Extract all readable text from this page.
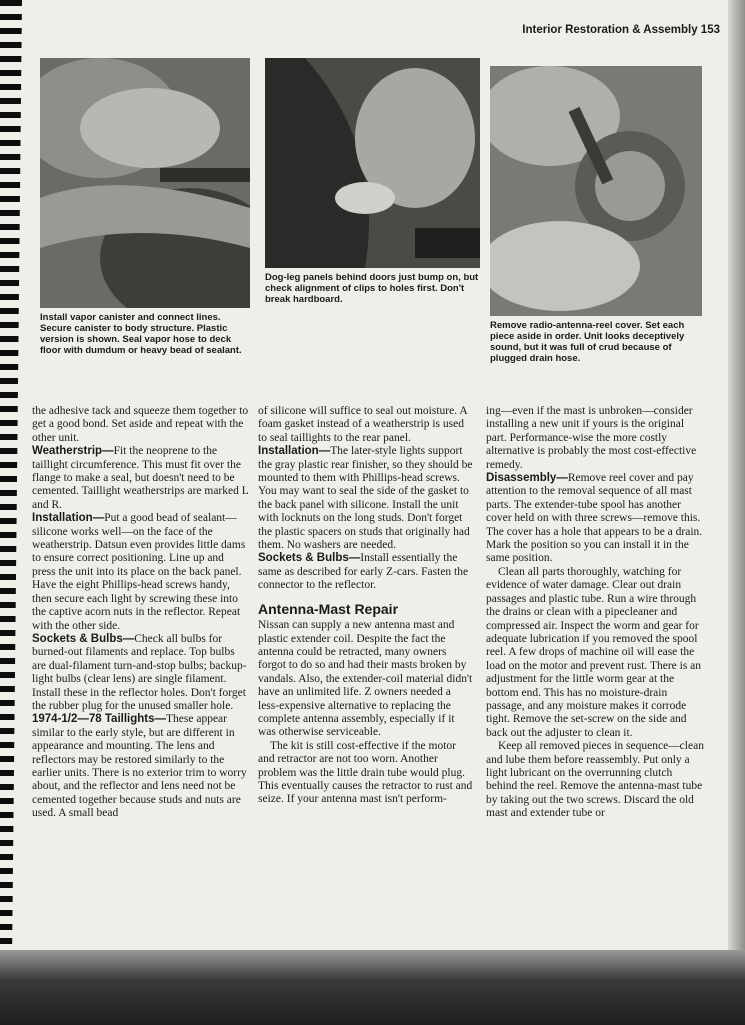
Interior Restoration & Assembly 153

Install vapor canister and connect lines. Secure canister to body structure. Plastic version is shown. Seal vapor hose to deck floor with dumdum or heavy bead of sealant.

Dog-leg panels behind doors just bump on, but check alignment of clips to holes first. Don't break hardboard.

Remove radio-antenna-reel cover. Set each piece aside in order. Unit looks deceptively sound, but it was full of crud because of plugged drain hose.

the adhesive tack and squeeze them together to get a good bond. Set aside and repeat with the other unit.

Weatherstrip—Fit the neoprene to the taillight circumference. This must fit over the flange to make a seal, but doesn't need to be cemented. Taillight weatherstrips are marked L and R.

Installation—Put a good bead of sealant—silicone works well—on the face of the weatherstrip. Datsun even provides little dams to ensure correct positioning. Line up and press the unit into its place on the back panel. Have the eight Phillips-head screws handy, then secure each light by screwing these into the captive acorn nuts in the reflector. Repeat with the other side.

Sockets & Bulbs—Check all bulbs for burned-out filaments and replace. Top bulbs are dual-filament turn-and-stop bulbs; backup-light bulbs (clear lens) are single filament. Install these in the reflector holes. Don't forget the rubber plug for the unused smaller hole.

1974-1/2—78 Taillights—These appear similar to the early style, but are different in appearance and mounting. The lens and reflectors may be restored similarly to the earlier units. There is no exterior trim to worry about, and the reflector and lens need not be cemented together because studs and nuts are used. A small bead

of silicone will suffice to seal out moisture. A foam gasket instead of a weatherstrip is used to seal taillights to the rear panel.

Installation—The later-style lights support the gray plastic rear finisher, so they should be mounted to them with Phillips-head screws. You may want to seal the side of the gasket to the back panel with silicone. Install the unit with locknuts on the long studs. Don't forget the plastic spacers on studs that originally had them. No washers are needed.

Sockets & Bulbs—Install essentially the same as described for early Z-cars. Fasten the connector to the reflector.

Antenna-Mast Repair

Nissan can supply a new antenna mast and plastic extender coil. Despite the fact the antenna could be retracted, many owners forgot to do so and had their masts broken by vandals. Also, the extender-coil material didn't have an unlimited life. Z owners needed a less-expensive alternative to replacing the complete antenna assembly, especially if it was otherwise serviceable.

The kit is still cost-effective if the motor and retractor are not too worn. Another problem was the little drain tube would plug. This eventually causes the retractor to rust and seize. If your antenna mast isn't perform-

ing—even if the mast is unbroken—consider installing a new unit if yours is the original part. Performance-wise the more costly alternative is probably the most cost-effective remedy.

Disassembly—Remove reel cover and pay attention to the removal sequence of all mast parts. The extender-tube spool has another cover held on with three screws—remove this. The cover has a hole that appears to be a drain. Mark the position so you can install it in the same position.

Clean all parts thoroughly, watching for evidence of water damage. Clear out drain passages and plastic tube. Run a wire through the drains or clean with a pipecleaner and compressed air. Inspect the worm and gear for adequate lubrication if you removed the spool reel. A few drops of machine oil will ease the load on the motor and prevent rust. There is an adjustment for the little worm gear at the bottom end. This has no moisture-drain passage, and any moisture makes it corrode tight. Remove the set-screw on the side and back out the adjuster to clean it.

Keep all removed pieces in sequence—clean and lube them before reassembly. Put only a light lubricant on the overrunning clutch behind the reel. Remove the antenna-mast tube by taking out the two screws. Discard the old mast and extender tube or
